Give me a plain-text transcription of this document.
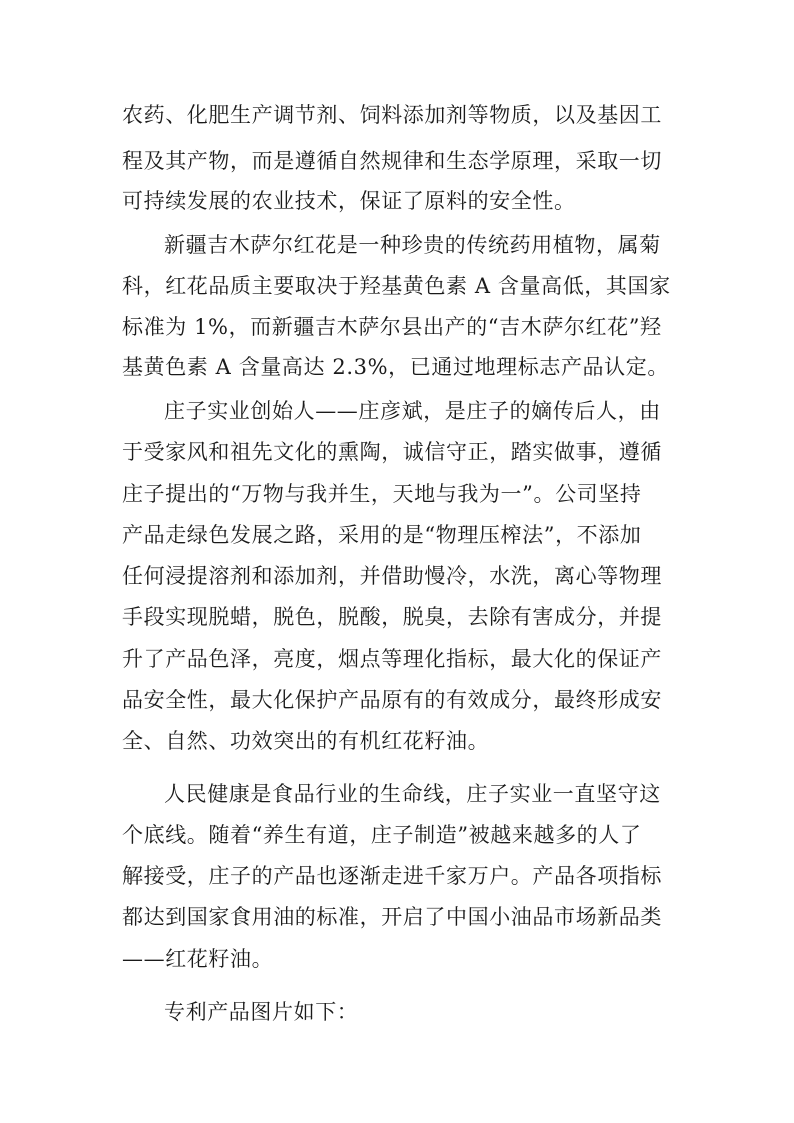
农药、化肥生产调节剂、饲料添加剂等物质，以及基因工
程及其产物，而是遵循自然规律和生态学原理，采取一切
可持续发展的农业技术，保证了原料的安全性。
新疆吉木萨尔红花是一种珍贵的传统药用植物，属菊
科，红花品质主要取决于羟基黄色素 A 含量高低，其国家
标准为 1%，而新疆吉木萨尔县出产的“吉木萨尔红花”羟
基黄色素 A 含量高达 2.3%，已通过地理标志产品认定。
庄子实业创始人——庄彦斌，是庄子的嫡传后人，由
于受家风和祖先文化的熏陶，诚信守正，踏实做事，遵循
庄子提出的“万物与我并生，天地与我为一”。公司坚持
产品走绿色发展之路，采用的是“物理压榨法”，不添加
任何浸提溶剂和添加剂，并借助慢冷，水洗，离心等物理
手段实现脱蜡，脱色，脱酸，脱臭，去除有害成分，并提
升了产品色泽，亮度，烟点等理化指标，最大化的保证产
品安全性，最大化保护产品原有的有效成分，最终形成安
全、自然、功效突出的有机红花籽油。
人民健康是食品行业的生命线，庄子实业一直坚守这
个底线。随着“养生有道，庄子制造”被越来越多的人了
解接受，庄子的产品也逐渐走进千家万户。产品各项指标
都达到国家食用油的标准，开启了中国小油品市场新品类
——红花籽油。
专利产品图片如下：
